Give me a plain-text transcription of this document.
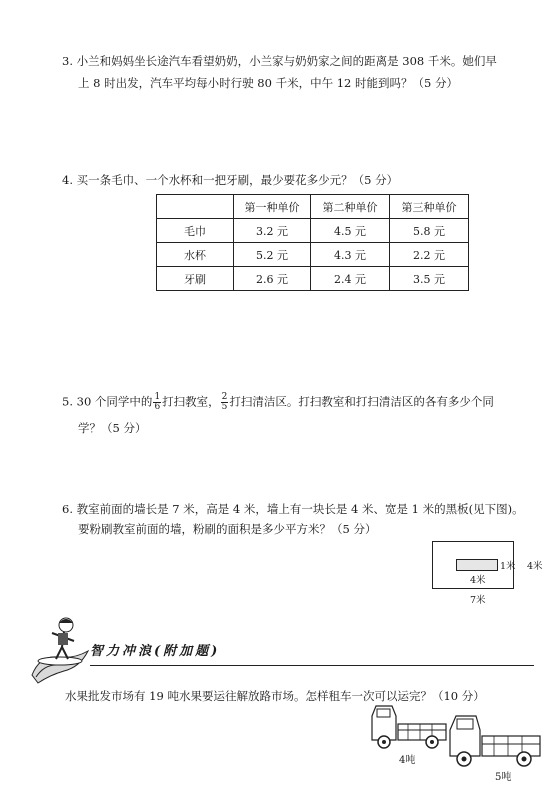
3. 小兰和妈妈坐长途汽车看望奶奶，小兰家与奶奶家之间的距离是 308 千米。她们早
上 8 时出发，汽车平均每小时行驶 80 千米，中午 12 时能到吗？（5 分）
4. 买一条毛巾、一个水杯和一把牙刷，最少要花多少元？（5 分）
	第一种单价	第二种单价	第三种单价
毛巾	3.2 元	4.5 元	5.8 元
水杯	5.2 元	4.3 元	2.2 元
牙刷	2.6 元	2.4 元	3.5 元
5. 30 个同学中的 $\frac{1}{6}$ 打扫教室， $\frac{2}{5}$ 打扫清洁区。打扫教室和打扫清洁区的各有多少个同
学？（5 分）
6. 教室前面的墙长是 7 米，高是 4 米，墙上有一块长是 4 米、宽是 1 米的黑板(见下图)。
要粉刷教室前面的墙，粉刷的面积是多少平方米？（5 分）
1米 4米
4米
7米
智力冲浪(附加题)
水果批发市场有 19 吨水果要运往解放路市场。怎样租车一次可以运完？（10 分）
4吨
5吨
